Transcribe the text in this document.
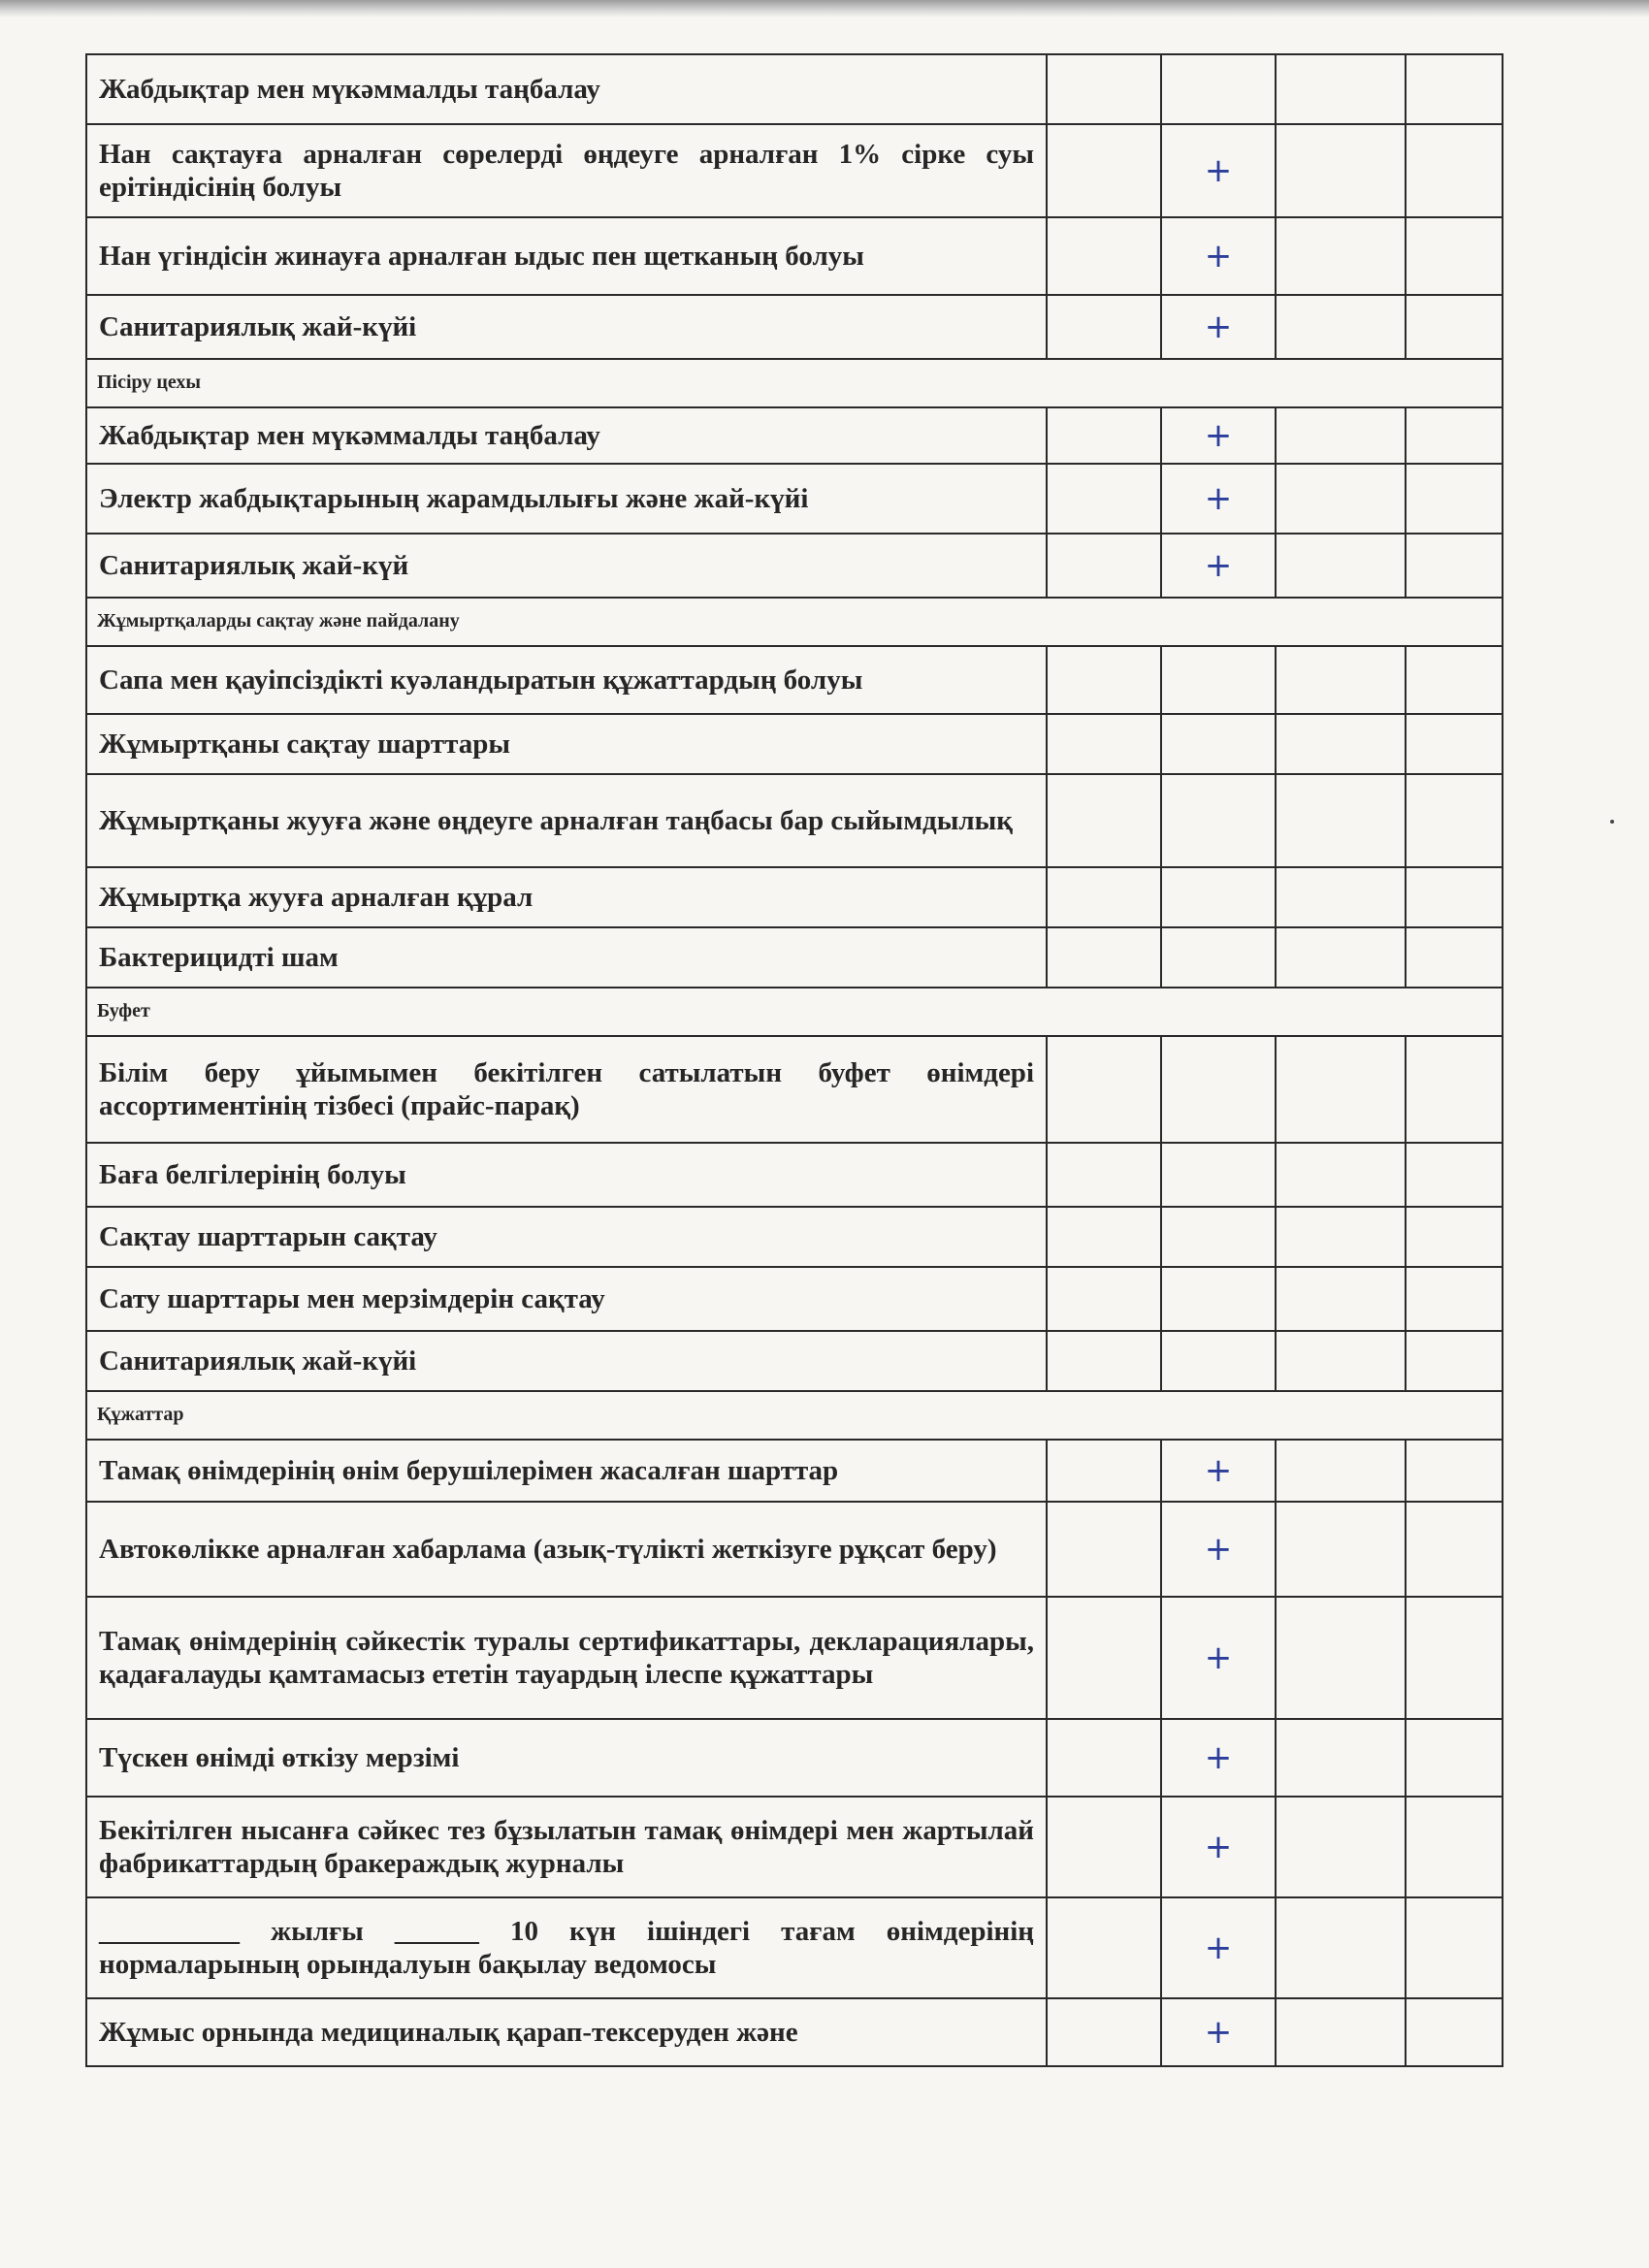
Жабдықтар мен мүкәммалды таңбалау				
Нан сақтауға арналған сөрелерді өңдеуге арналған 1% сірке суы ерітіндісінің болуы		+		
Нан үгіндісін жинауға арналған ыдыс пен щетканың болуы		+		
Санитариялық жай-күйі		+		
Пісіру цехы				
Жабдықтар мен мүкәммалды таңбалау		+		
Электр жабдықтарының жарамдылығы және жай-күйі		+		
Санитариялық жай-күй		+		
Жұмыртқаларды сақтау және пайдалану				
Сапа мен қауіпсіздікті куәландыратын құжаттардың болуы				
Жұмыртқаны сақтау шарттары				
Жұмыртқаны жууға және өңдеуге арналған таңбасы бар сыйымдылық				
Жұмыртқа жууға арналған құрал				
Бактерицидті шам				
Буфет				
Білім беру ұйымымен бекітілген сатылатын буфет өнімдері ассортиментінің тізбесі (прайс-парақ)				
Баға белгілерінің болуы				
Сақтау шарттарын сақтау				
Сату шарттары мен мерзімдерін сақтау				
Санитариялық жай-күйі				
Құжаттар				
Тамақ өнімдерінің өнім берушілерімен жасалған шарттар		+		
Автокөлікке арналған хабарлама (азық-түлікті жеткізуге рұқсат беру)		+		
Тамақ өнімдерінің сәйкестік туралы сертификаттары, декларациялары, қадағалауды қамтамасыз ететін тауардың ілеспе құжаттары		+		
Түскен өнімді өткізу мерзімі		+		
Бекітілген нысанға сәйкес тез бұзылатын тамақ өнімдері мен жартылай фабрикаттардың бракераждық журналы		+		
__________ жылғы ______ 10 күн ішіндегі тағам өнімдерінің нормаларының орындалуын бақылау ведомосы		+		
Жұмыс орнында медициналық қарап-тексеруден және		+		
